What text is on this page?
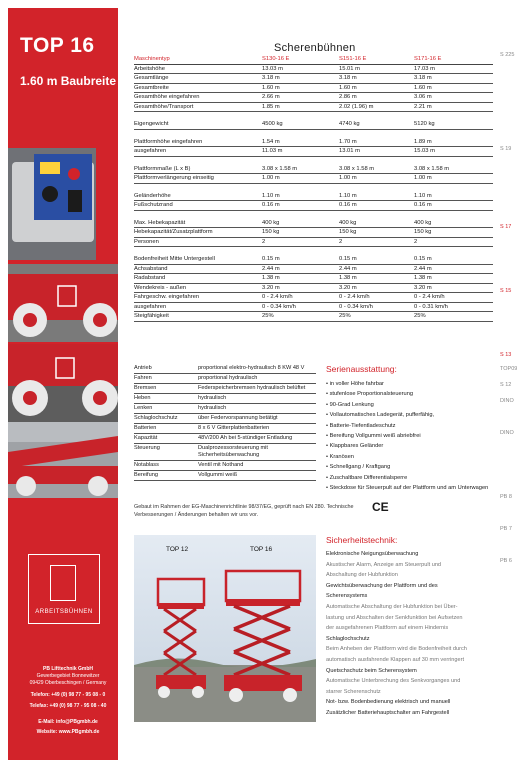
TOP 16
1.60 m Baubreite
ARBEITSBÜHNEN
PB Lifttechnik GmbH
Gewerbegebiet Bonnewitzer
09429 Oberbeschingen / Germany
Telefon: +49 (0) 98 77 - 95 08 - 0
Telefax: +49 (0) 98 77 - 95 08 - 40
E-Mail: info@PBgmbh.de
Website: www.PBgmbh.de
S 225
S 19
S 17
S 15
S 13
TOP09
S 12
DINO
DINO
PB 8
PB 7
PB 6
Scherenbühnen
Maschinentyp	S130-16 E	S151-16 E	S171-16 E
Arbeitshöhe	13.03 m	15.01 m	17.03 m
Gesamtlänge	3.18 m	3.18 m	3.18 m
Gesamtbreite	1.60 m	1.60 m	1.60 m
Gesamthöhe eingefahren	2.66 m	2.86 m	3.06 m
Gesamthöhe/Transport	1.85 m	2.02 (1.96) m	2.21 m
Eigengewicht	4500 kg	4740 kg	5120 kg
Plattformhöhe eingefahren	1.54 m	1.70 m	1.89 m
ausgefahren	11.03 m	13.01 m	15.03 m
Plattformmaße (L x B)	3.08 x 1.58 m	3.08 x 1.58 m	3.08 x 1.58 m
Plattformverlängerung einseitig	1.00 m	1.00 m	1.00 m
Geländerhöhe	1.10 m	1.10 m	1.10 m
Fußschutzrand	0.16 m	0.16 m	0.16 m
Max. Hebekapazität	400 kg	400 kg	400 kg
Hebekapazität/Zusatzplattform	150 kg	150 kg	150 kg
Personen	2	2	2
Bodenfreiheit Mitte Untergestell	0.15 m	0.15 m	0.15 m
Achsabstand	2.44 m	2.44 m	2.44 m
Radabstand	1.38 m	1.38 m	1.38 m
Wendekreis - außen	3.20 m	3.20 m	3.20 m
Fahrgeschw. eingefahren	0 - 2.4 km/h	0 - 2.4 km/h	0 - 2.4 km/h
ausgefahren	0 - 0.34 km/h	0 - 0.34 km/h	0 - 0.31 km/h
Steigfähigkeit	25%	25%	25%
Antrieb	proportional elektro-hydraulisch 8 KW 48 V
Fahren	proportional hydraulisch
Bremsen	Federspeicherbremsen hydraulisch belüftet
Heben	hydraulisch
Lenken	hydraulisch
Schlaglochschutz	über Federvorspannung betätigt
Batterien	8 x 6 V Gitterplattenbatterien
Kapazität	48V/200 Ah bei 5-stündiger Entladung
Steuerung	Dualprozessorsteuerung mit Sicherheitsüberwachung
Notablass	Ventil mit Nothand
Bereifung	Vollgummi weiß
Serienausstattung:
• in voller Höhe fahrbar
• stufenlose Proportionalsteuerung
• 90-Grad Lenkung
• Vollautomatisches Ladegerät, pufferfähig,
• Batterie-Tiefentladeschutz
• Bereifung Vollgummi weiß abriebfrei
• Klappbares Geländer
• Kranösen
• Schnellgang / Kraftgang
• Zuschaltbare Differentialsperre
• Steckdose für Steuerpult auf der Plattform und am Unterwagen
Gebaut im Rahmen der EG-Maschinenrichtlinie 98/37/EG, geprüft nach EN 280. Technische Verbesserungen / Änderungen behalten wir uns vor.
CE
TOP 12	TOP 16
Sicherheitstechnik:
Elektronische Neigungsüberwachung
Akustischer Alarm, Anzeige am Steuerpult und
Abschaltung der Hubfunktion
Gewichtsüberwachung der Plattform und des
Scherensystems
Automatische Abschaltung der Hubfunktion bei Über-
lastung und Abschalten der Senkfunktion bei Aufsetzen
der ausgefahrenen Plattform auf einem Hindernis
Schlaglochschutz
Beim Anheben der Plattform wird die Bodenfreiheit durch
automatisch ausfahrende Klappen auf 30 mm verringert
Quetschschutz beim Scherensystem
Automatische Unterbrechung des Senkvorganges und
starrer Scherenschutz
Not- bzw. Bodenbedienung elektrisch und manuell
Zusätzlicher Batteriehauptschalter am Fahrgestell
